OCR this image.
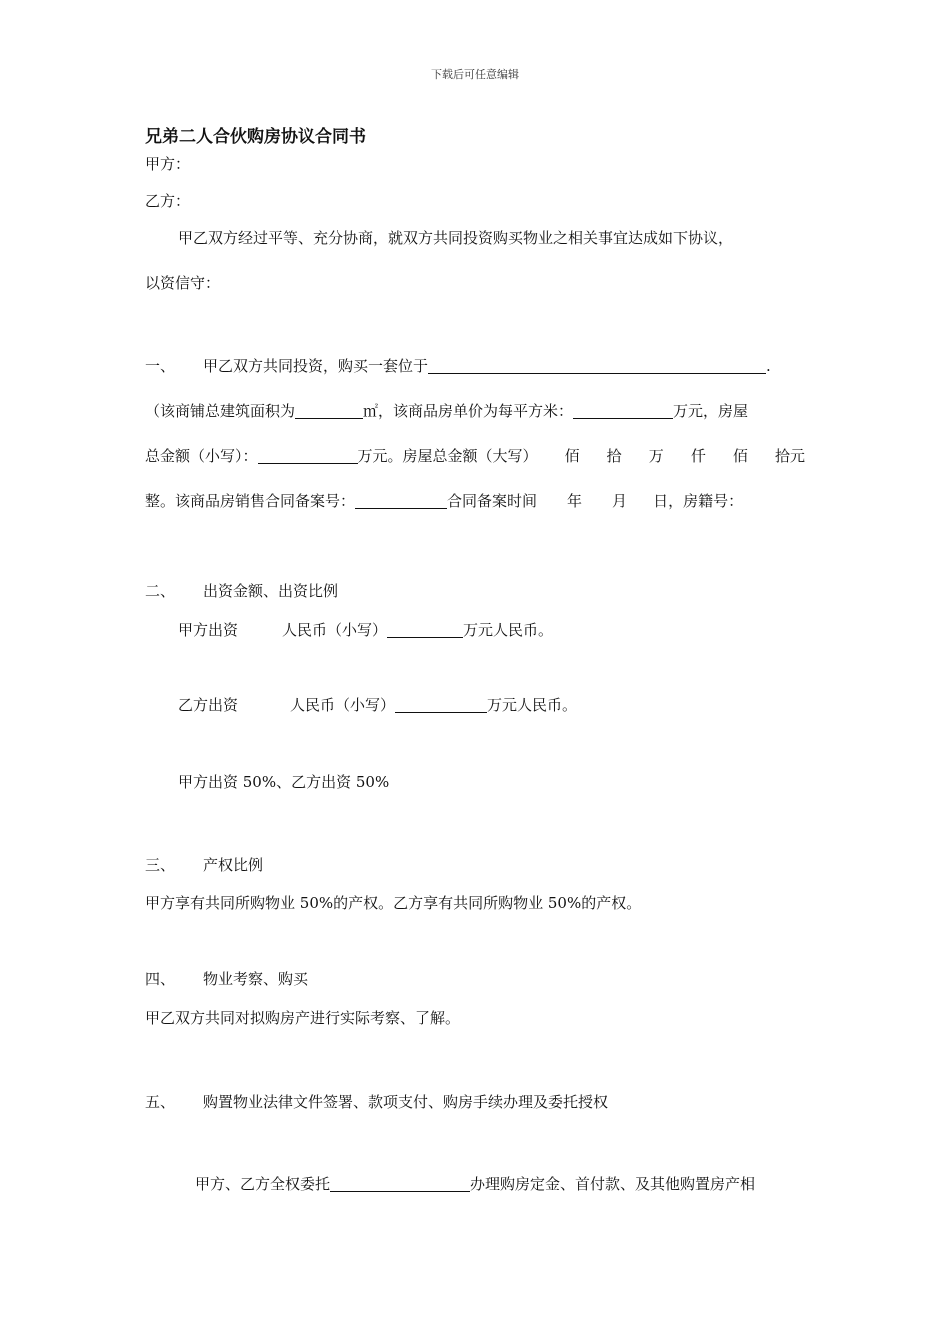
下载后可任意编辑
兄弟二人合伙购房协议合同书
甲方：
乙方：
甲乙双方经过平等、充分协商，就双方共同投资购买物业之相关事宜达成如下协议，
以资信守：
一、 甲乙双方共同投资，购买一套位于	.
（该商铺总建筑面积为	㎡，该商品房单价为每平方米：	万元，房屋
总金额（小写）：	万元。房屋总金额（大写） 佰 拾 万 仟 佰 拾元
整。该商品房销售合同备案号：	合同备案时间 年 月 日，房籍号：
二、 出资金额、出资比例
甲方出资	人民币（小写）	万元人民币。
乙方出资	人民币（小写）	万元人民币。
甲方出资 50%、乙方出资 50%
三、 产权比例
甲方享有共同所购物业 50%的产权。乙方享有共同所购物业 50%的产权。
四、 物业考察、购买
甲乙双方共同对拟购房产进行实际考察、了解。
五、 购置物业法律文件签署、款项支付、购房手续办理及委托授权
甲方、乙方全权委托	办理购房定金、首付款、及其他购置房产相
